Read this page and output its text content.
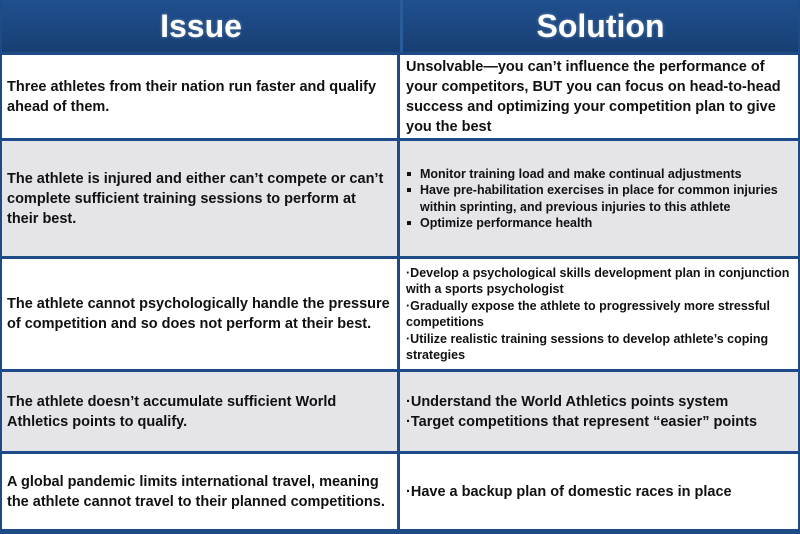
Issue	Solution
Three athletes from their nation run faster and qualify ahead of them.
Unsolvable—you can’t influence the performance of your competitors, BUT you can focus on head-to-head success and optimizing your competition plan to give you the best
The athlete is injured and either can’t compete or can’t complete sufficient training sessions to perform at their best.
Monitor training load and make continual adjustments
Have pre-habilitation exercises in place for common injuries within sprinting, and previous injuries to this athlete
Optimize performance health
The athlete cannot psychologically handle the pressure of competition and so does not perform at their best.
· Develop a psychological skills development plan in conjunction with a sports psychologist
· Gradually expose the athlete to progressively more stressful competitions
· Utilize realistic training sessions to develop athlete’s coping strategies
The athlete doesn’t accumulate sufficient World Athletics points to qualify.
· Understand the World Athletics points system
· Target competitions that represent “easier” points
A global pandemic limits international travel, meaning the athlete cannot travel to their planned competitions.
· Have a backup plan of domestic races in place
